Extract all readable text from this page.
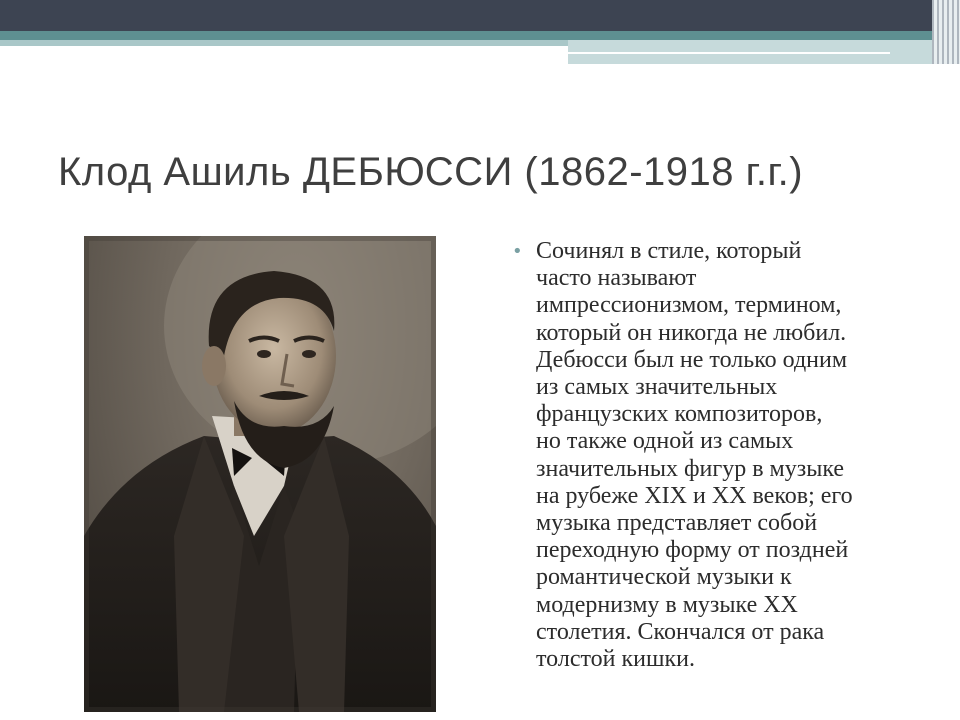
Клод Ашиль ДЕБЮССИ (1862-1918 г.г.)
• Сочинял в стиле, который
часто называют
импрессионизмом, термином,
который он никогда не любил.
Дебюсси был не только одним
из самых значительных
французских композиторов,
но также одной из самых
значительных фигур в музыке
на рубеже XIX и XX веков; его
музыка представляет собой
переходную форму от поздней
романтической музыки к
модернизму в музыке XX
столетия. Скончался от рака
толстой кишки.
